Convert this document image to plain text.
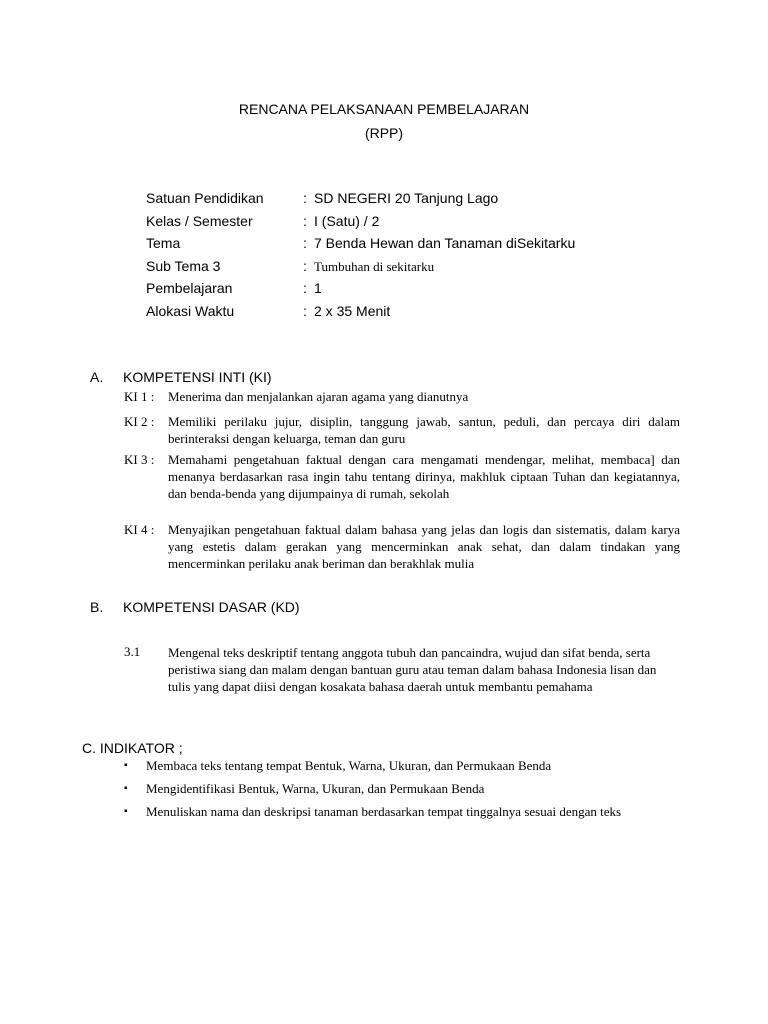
RENCANA PELAKSANAAN PEMBELAJARAN
(RPP)
Satuan Pendidikan	: SD NEGERI 20 Tanjung Lago
Kelas / Semester	: I (Satu) / 2
Tema	: 7 Benda Hewan dan Tanaman diSekitarku
Sub Tema 3	: Tumbuhan di sekitarku
Pembelajaran	: 1
Alokasi Waktu	: 2 x 35 Menit
A. KOMPETENSI INTI (KI)
KI 1 : Menerima dan menjalankan ajaran agama yang dianutnya
KI 2 : Memiliki perilaku jujur, disiplin, tanggung jawab, santun, peduli, dan percaya diri dalam berinteraksi dengan keluarga, teman dan guru
KI 3 : Memahami pengetahuan faktual dengan cara mengamati mendengar, melihat, membaca] dan menanya berdasarkan rasa ingin tahu tentang dirinya, makhluk ciptaan Tuhan dan kegiatannya, dan benda-benda yang dijumpainya di rumah, sekolah
KI 4 : Menyajikan pengetahuan faktual dalam bahasa yang jelas dan logis dan sistematis, dalam karya yang estetis dalam gerakan yang mencerminkan anak sehat, dan dalam tindakan yang mencerminkan perilaku anak beriman dan berakhlak mulia
B. KOMPETENSI DASAR (KD)
3.1 Mengenal teks deskriptif tentang anggota tubuh dan pancaindra, wujud dan sifat benda, serta peristiwa siang dan malam dengan bantuan guru atau teman dalam bahasa Indonesia lisan dan tulis yang dapat diisi dengan kosakata bahasa daerah untuk membantu pemahama
C. INDIKATOR ;
▪ Membaca teks tentang tempat Bentuk, Warna, Ukuran, dan Permukaan Benda
▪ Mengidentifikasi Bentuk, Warna, Ukuran, dan Permukaan Benda
▪ Menuliskan nama dan deskripsi tanaman berdasarkan tempat tinggalnya sesuai dengan teks
